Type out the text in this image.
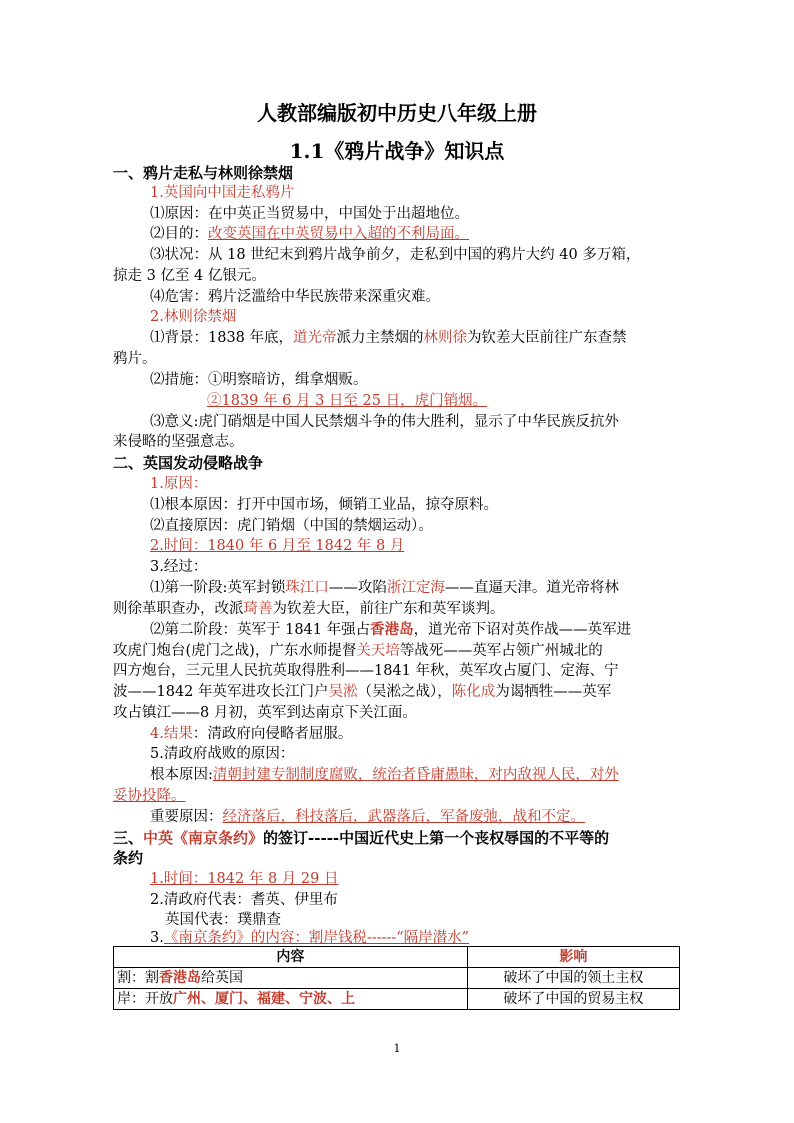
人教部编版初中历史八年级上册
1.1《鸦片战争》知识点
一、鸦片走私与林则徐禁烟
1.英国向中国走私鸦片
⑴原因：在中英正当贸易中，中国处于出超地位。
⑵目的：改变英国在中英贸易中入超的不利局面。
⑶状况：从 18 世纪末到鸦片战争前夕，走私到中国的鸦片大约 40 多万箱，
掠走 3 亿至 4 亿银元。
⑷危害：鸦片泛滥给中华民族带来深重灾难。
2.林则徐禁烟
⑴背景：1838 年底，道光帝派力主禁烟的林则徐为钦差大臣前往广东查禁
鸦片。
⑵措施：①明察暗访，缉拿烟贩。
②1839 年 6 月 3 日至 25 日，虎门销烟。
⑶意义:虎门硝烟是中国人民禁烟斗争的伟大胜利，显示了中华民族反抗外
来侵略的坚强意志。
二、英国发动侵略战争
1.原因：
⑴根本原因：打开中国市场，倾销工业品，掠夺原料。
⑵直接原因：虎门销烟（中国的禁烟运动）。
2.时间：1840 年 6 月至 1842 年 8 月
3.经过：
⑴第一阶段:英军封锁珠江口——攻陷浙江定海——直逼天津。道光帝将林
则徐革职查办，改派琦善为钦差大臣，前往广东和英军谈判。
⑵第二阶段：英军于 1841 年强占香港岛，道光帝下诏对英作战——英军进
攻虎门炮台(虎门之战)，广东水师提督关天培等战死——英军占领广州城北的
四方炮台，三元里人民抗英取得胜利——1841 年秋，英军攻占厦门、定海、宁
波——1842 年英军进攻长江门户吴淞（吴淞之战），陈化成为谒牺牲——英军
攻占镇江——8 月初，英军到达南京下关江面。
4.结果：清政府向侵略者屈服。
5.清政府战败的原因：
根本原因:清朝封建专制制度腐败，统治者昏庸愚昧，对内敌视人民，对外
妥协投降。
重要原因：经济落后，科技落后，武器落后，军备废弛，战和不定。
三、中英《南京条约》的签订-----中国近代史上第一个丧权辱国的不平等的
条约
1.时间：1842 年 8 月 29 日
2.清政府代表：耆英、伊里布
英国代表：璞鼎查
3.《南京条约》的内容：割岸钱税------“隔岸潜水”
内容	影响
割：割香港岛给英国	破坏了中国的领土主权
岸：开放广州、厦门、福建、宁波、上	破坏了中国的贸易主权
1
